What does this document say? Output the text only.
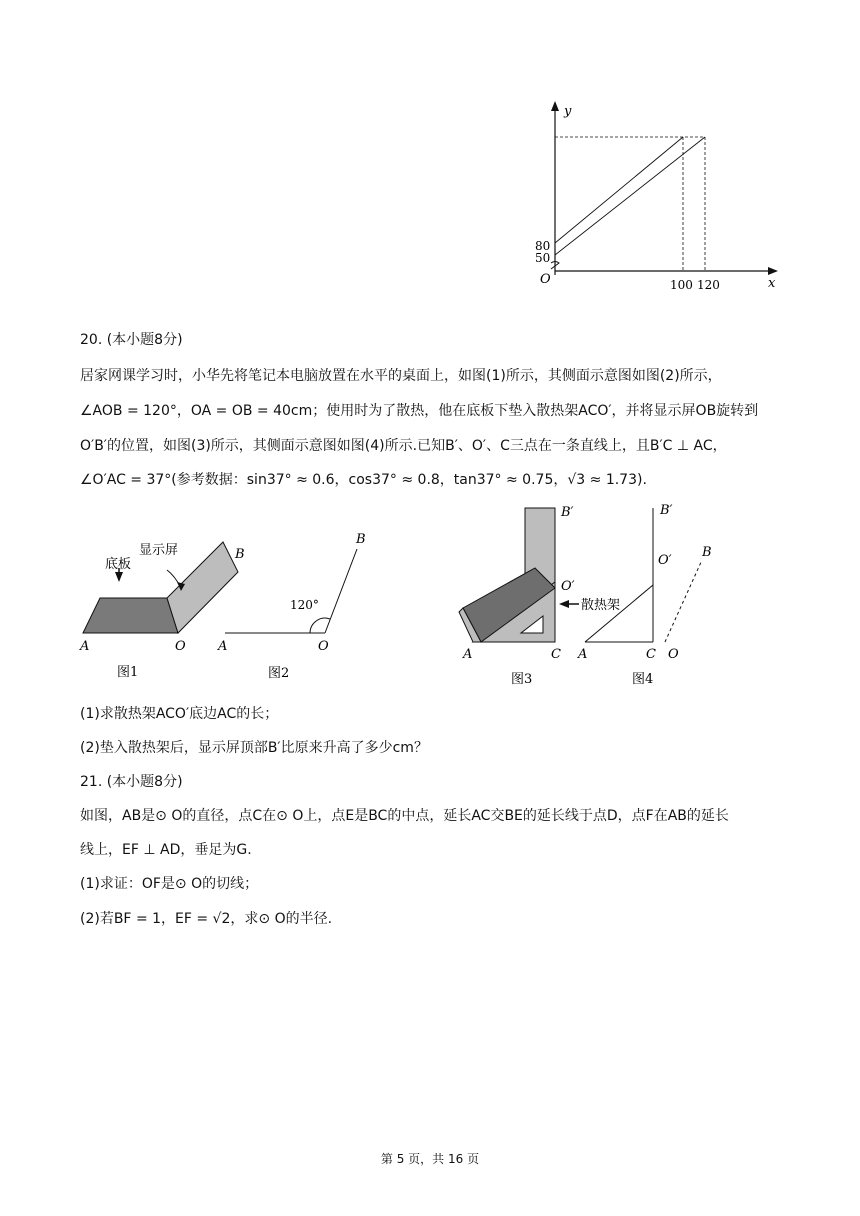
y
x
O
80
50
100 120
20. (本小题8分)
居家网课学习时，小华先将笔记本电脑放置在水平的桌面上，如图(1)所示，其侧面示意图如图(2)所示，
∠AOB = 120°，OA = OB = 40cm；使用时为了散热，他在底板下垫入散热架ACO′，并将显示屏OB旋转到
O′B′的位置，如图(3)所示，其侧面示意图如图(4)所示.已知B′、O′、C三点在一条直线上，且B′C ⊥ AC，
∠O′AC = 37°(参考数据：sin37° ≈ 0.6，cos37° ≈ 0.8，tan37° ≈ 0.75，√3 ≈ 1.73).
显示屏
底板
A	O
B
图1
120°
A	O
B
图2
散热架
B′
O′
A	C
图3
B′
O′
B
A	C O
图4
(1)求散热架ACO′底边AC的长；
(2)垫入散热架后，显示屏顶部B′比原来升高了多少cm？
21. (本小题8分)
如图，AB是⊙ O的直径，点C在⊙ O上，点E是BC的中点，延长AC交BE的延长线于点D，点F在AB的延长
线上，EF ⊥ AD，垂足为G.
(1)求证：OF是⊙ O的切线；
(2)若BF = 1，EF = √2，求⊙ O的半径.
第 5 页，共 16 页
